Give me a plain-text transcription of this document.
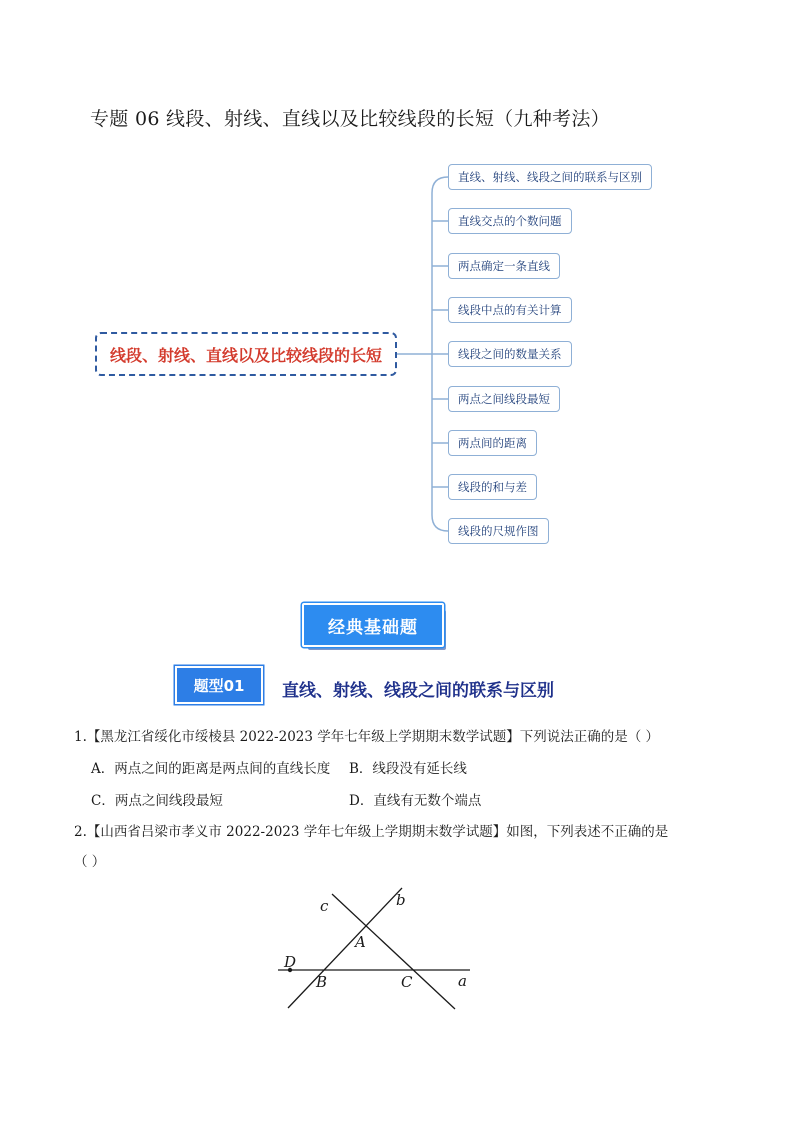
专题 06 线段、射线、直线以及比较线段的长短（九种考法）
线段、射线、直线以及比较线段的长短
直线、射线、线段之间的联系与区别
直线交点的个数问题
两点确定一条直线
线段中点的有关计算
线段之间的数量关系
两点之间线段最短
两点间的距离
线段的和与差
线段的尺规作图
经典基础题
题型01	直线、射线、线段之间的联系与区别
1.【黑龙江省绥化市绥棱县 2022-2023 学年七年级上学期期末数学试题】下列说法正确的是（ ）
A．两点之间的距离是两点间的直线长度 B．线段没有延长线
C．两点之间线段最短	D．直线有无数个端点
2.【山西省吕梁市孝义市 2022-2023 学年七年级上学期期末数学试题】如图，下列表述不正确的是
（ ）
D
B	C
A
a
b
c
